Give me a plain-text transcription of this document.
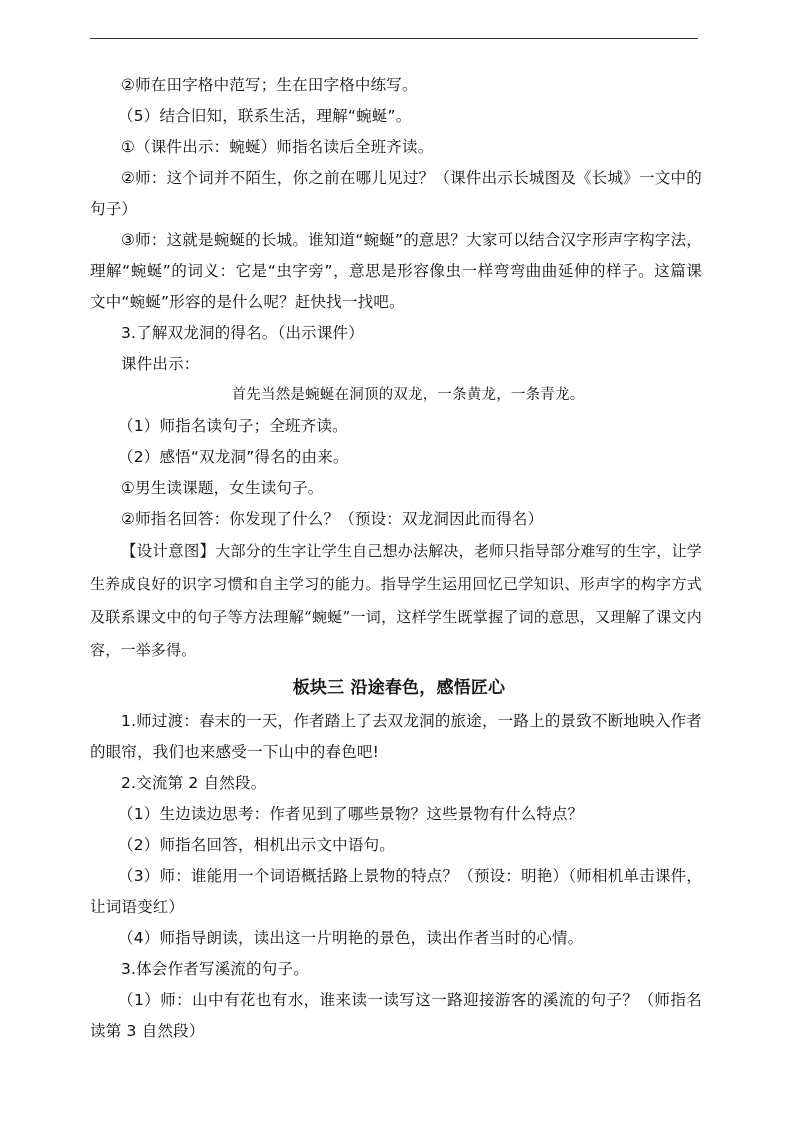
②师在田字格中范写；生在田字格中练写。

（5）结合旧知，联系生活，理解“蜿蜒”。

①（课件出示：蜿蜒）师指名读后全班齐读。

②师：这个词并不陌生，你之前在哪儿见过？（课件出示长城图及《长城》一文中的句子）

③师：这就是蜿蜒的长城。谁知道“蜿蜒”的意思？大家可以结合汉字形声字构字法，理解“蜿蜒”的词义：它是“虫字旁”，意思是形容像虫一样弯弯曲曲延伸的样子。这篇课文中“蜿蜒”形容的是什么呢？赶快找一找吧。

3.了解双龙洞的得名。（出示课件）

课件出示：

首先当然是蜿蜒在洞顶的双龙，一条黄龙，一条青龙。

（1）师指名读句子；全班齐读。

（2）感悟“双龙洞”得名的由来。

①男生读课题，女生读句子。

②师指名回答：你发现了什么？（预设：双龙洞因此而得名）

【设计意图】大部分的生字让学生自己想办法解决，老师只指导部分难写的生字，让学生养成良好的识字习惯和自主学习的能力。指导学生运用回忆已学知识、形声字的构字方式及联系课文中的句子等方法理解“蜿蜒”一词，这样学生既掌握了词的意思，又理解了课文内容，一举多得。

板块三 沿途春色，感悟匠心

1.师过渡：春末的一天，作者踏上了去双龙洞的旅途，一路上的景致不断地映入作者的眼帘，我们也来感受一下山中的春色吧!

2.交流第 2 自然段。

（1）生边读边思考：作者见到了哪些景物？这些景物有什么特点？

（2）师指名回答，相机出示文中语句。

（3）师：谁能用一个词语概括路上景物的特点？（预设：明艳）（师相机单击课件，让词语变红）

（4）师指导朗读，读出这一片明艳的景色，读出作者当时的心情。

3.体会作者写溪流的句子。

（1）师：山中有花也有水，谁来读一读写这一路迎接游客的溪流的句子？（师指名读第 3 自然段）
